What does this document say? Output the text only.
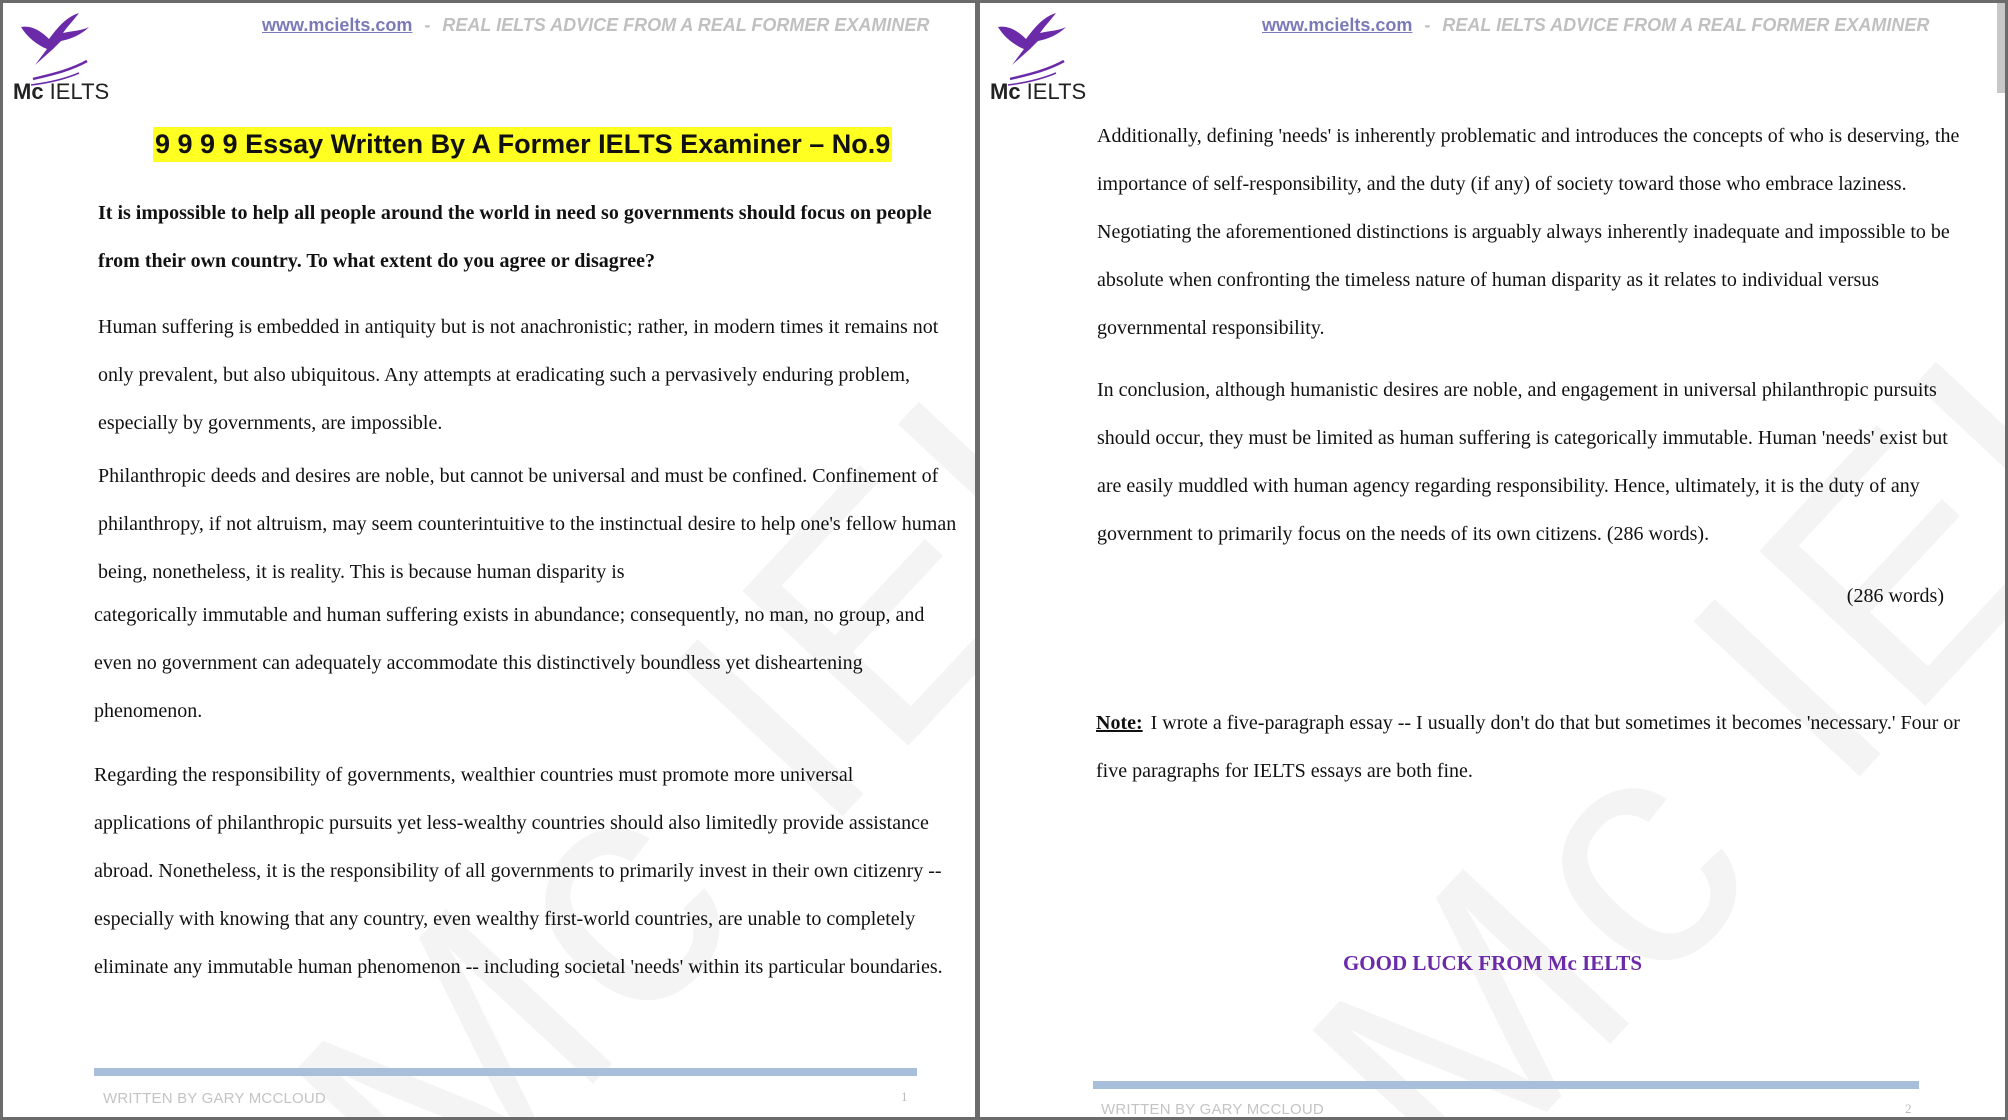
Mc IELTS
www.mcielts.com - REAL IELTS ADVICE FROM A REAL FORMER EXAMINER
9 9 9 9 Essay Written By A Former IELTS Examiner – No.9
It is impossible to help all people around the world in need so governments should focus on people from their own country. To what extent do you agree or disagree?
Human suffering is embedded in antiquity but is not anachronistic; rather, in modern times it remains not only prevalent, but also ubiquitous. Any attempts at eradicating such a pervasively enduring problem, especially by governments, are impossible.
Philanthropic deeds and desires are noble, but cannot be universal and must be confined. Confinement of philanthropy, if not altruism, may seem counterintuitive to the instinctual desire to help one's fellow human being, nonetheless, it is reality. This is because human disparity is
categorically immutable and human suffering exists in abundance; consequently, no man, no group, and even no government can adequately accommodate this distinctively boundless yet disheartening phenomenon.
Regarding the responsibility of governments, wealthier countries must promote more universal applications of philanthropic pursuits yet less-wealthy countries should also limitedly provide assistance abroad. Nonetheless, it is the responsibility of all governments to primarily invest in their own citizenry -- especially with knowing that any country, even wealthy first-world countries, are unable to completely eliminate any immutable human phenomenon -- including societal 'needs' within its particular boundaries.
WRITTEN BY GARY MCCLOUD	1
Mc IELTS
www.mcielts.com - REAL IELTS ADVICE FROM A REAL FORMER EXAMINER
Additionally, defining 'needs' is inherently problematic and introduces the concepts of who is deserving, the importance of self-responsibility, and the duty (if any) of society toward those who embrace laziness. Negotiating the aforementioned distinctions is arguably always inherently inadequate and impossible to be absolute when confronting the timeless nature of human disparity as it relates to individual versus governmental responsibility.
In conclusion, although humanistic desires are noble, and engagement in universal philanthropic pursuits should occur, they must be limited as human suffering is categorically immutable. Human 'needs' exist but are easily muddled with human agency regarding responsibility. Hence, ultimately, it is the duty of any government to primarily focus on the needs of its own citizens. (286 words).
(286 words)
Note: I wrote a five-paragraph essay -- I usually don't do that but sometimes it becomes 'necessary.' Four or five paragraphs for IELTS essays are both fine.
GOOD LUCK FROM Mc IELTS
WRITTEN BY GARY MCCLOUD	2
